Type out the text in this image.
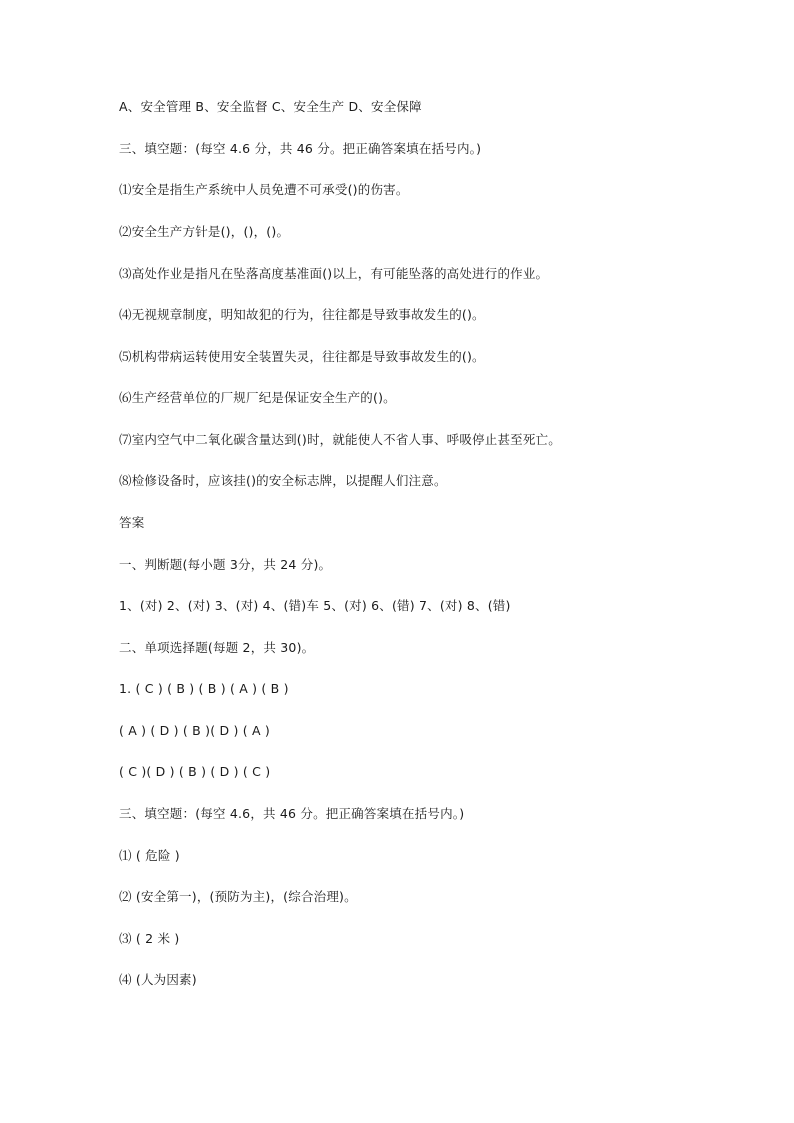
A、安全管理 B、安全监督 C、安全生产 D、安全保障
三、填空题：(每空 4.6 分，共 46 分。把正确答案填在括号内。)
⑴安全是指生产系统中人员免遭不可承受()的伤害。
⑵安全生产方针是()，()，()。
⑶高处作业是指凡在坠落高度基准面()以上，有可能坠落的高处进行的作业。
⑷无视规章制度，明知故犯的行为，往往都是导致事故发生的()。
⑸机构带病运转使用安全装置失灵，往往都是导致事故发生的()。
⑹生产经营单位的厂规厂纪是保证安全生产的()。
⑺室内空气中二氧化碳含量达到()时，就能使人不省人事、呼吸停止甚至死亡。
⑻检修设备时，应该挂()的安全标志牌，以提醒人们注意。
答案
一、判断题(每小题 3分，共 24 分)。
1、(对) 2、(对) 3、(对) 4、(错)车 5、(对) 6、(错) 7、(对) 8、(错)
二、单项选择题(每题 2，共 30)。
1. ( C ) ( B ) ( B ) ( A ) ( B )
( A ) ( D ) ( B )( D ) ( A )
( C )( D ) ( B ) ( D ) ( C )
三、填空题：(每空 4.6，共 46 分。把正确答案填在括号内。)
⑴ ( 危险 )
⑵ (安全第一)，(预防为主)，(综合治理)。
⑶ ( 2 米 )
⑷ (人为因素)
